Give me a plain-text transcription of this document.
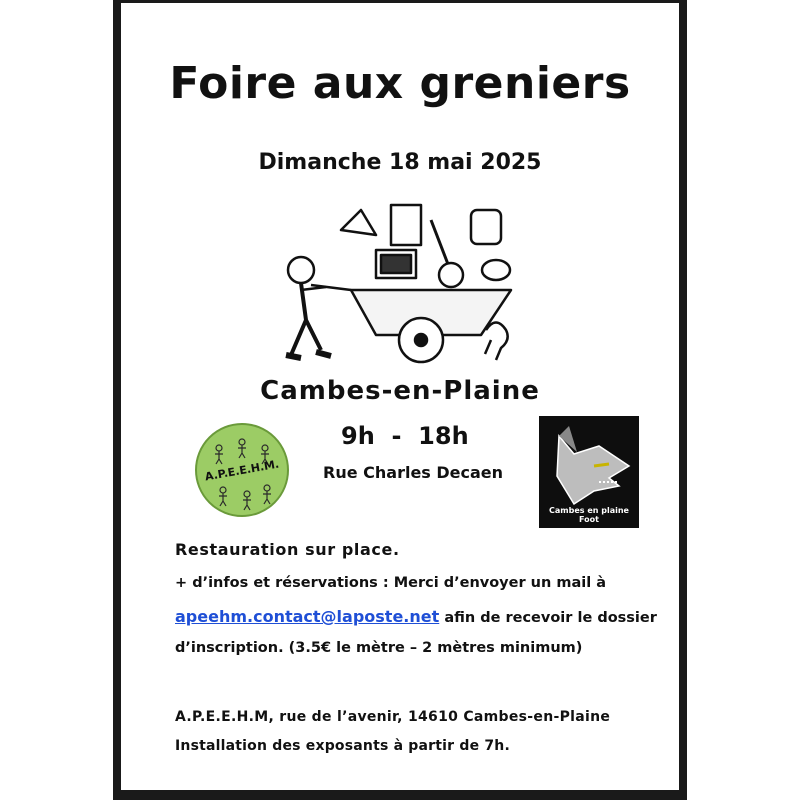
Foire aux greniers
Dimanche 18 mai 2025
Cambes-en-Plaine
A.P.E.E.H.M.
9h  -  18h
Rue Charles Decaen
Cambes en plaine Foot
Restauration sur place.
+ d’infos et réservations : Merci d’envoyer un mail à
apeehm.contact@laposte.net afin de recevoir le dossier
d’inscription. (3.5€ le mètre – 2 mètres minimum)
A.P.E.E.H.M, rue de l’avenir, 14610 Cambes-en-Plaine
Installation des exposants à partir de 7h.
